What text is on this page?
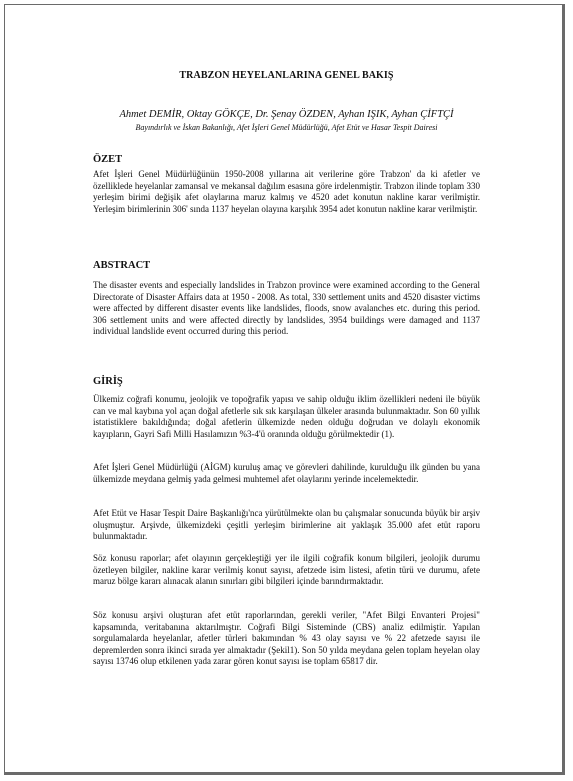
TRABZON HEYELANLARINA GENEL BAKIŞ
Ahmet DEMİR, Oktay GÖKÇE, Dr. Şenay ÖZDEN, Ayhan IŞIK, Ayhan ÇİFTÇİ
Bayındırlık ve İskan Bakanlığı, Afet İşleri Genel Müdürlüğü, Afet Etüt ve Hasar Tespit Dairesi
ÖZET
Afet İşleri Genel Müdürlüğünün 1950-2008 yıllarına ait verilerine göre Trabzon' da ki afetler ve özelliklede heyelanlar zamansal ve mekansal dağılım esasına göre irdelenmiştir. Trabzon ilinde toplam 330 yerleşim birimi değişik afet olaylarına maruz kalmış ve 4520 adet konutun nakline karar verilmiştir. Yerleşim birimlerinin 306' sında 1137 heyelan olayına karşılık 3954 adet konutun nakline karar verilmiştir.
ABSTRACT
The disaster events and especially landslides in Trabzon province were examined according to the General Directorate of Disaster Affairs data at 1950 - 2008. As total, 330 settlement units and 4520 disaster victims were affected by different disaster events like landslides, floods, snow avalanches etc. during this period. 306 settlement units and were affected directly by landslides, 3954 buildings were damaged and 1137 individual landslide event occurred during this period.
GİRİŞ
Ülkemiz coğrafi konumu, jeolojik ve topoğrafik yapısı ve sahip olduğu iklim özellikleri nedeni ile büyük can ve mal kaybına yol açan doğal afetlerle sık sık karşılaşan ülkeler arasında bulunmaktadır. Son 60 yıllık istatistiklere bakıldığında; doğal afetlerin ülkemizde neden olduğu doğrudan ve dolaylı ekonomik kayıpların, Gayri Safi Milli Hasılamızın %3-4'ü oranında olduğu görülmektedir (1).
Afet İşleri Genel Müdürlüğü (AİGM) kuruluş amaç ve görevleri dahilinde, kurulduğu ilk günden bu yana ülkemizde meydana gelmiş yada gelmesi muhtemel afet olaylarını yerinde incelemektedir.
Afet Etüt ve Hasar Tespit Daire Başkanlığı'nca yürütülmekte olan bu çalışmalar sonucunda büyük bir arşiv oluşmuştur. Arşivde, ülkemizdeki çeşitli yerleşim birimlerine ait yaklaşık 35.000 afet etüt raporu bulunmaktadır.
Söz konusu raporlar; afet olayının gerçekleştiği yer ile ilgili coğrafik konum bilgileri, jeolojik durumu özetleyen bilgiler, nakline karar verilmiş konut sayısı, afetzede isim listesi, afetin türü ve durumu, afete maruz bölge kararı alınacak alanın sınırları gibi bilgileri içinde barındırmaktadır.
Söz konusu arşivi oluşturan afet etüt raporlarından, gerekli veriler, "Afet Bilgi Envanteri Projesi" kapsamında, veritabanına aktarılmıştır. Coğrafi Bilgi Sisteminde (CBS) analiz edilmiştir. Yapılan sorgulamalarda heyelanlar, afetler türleri bakımından % 43 olay sayısı ve % 22 afetzede sayısı ile depremlerden sonra ikinci sırada yer almaktadır (Şekil1). Son 50 yılda meydana gelen toplam heyelan olay sayısı 13746 olup etkilenen yada zarar gören konut sayısı ise toplam 65817 dir.
